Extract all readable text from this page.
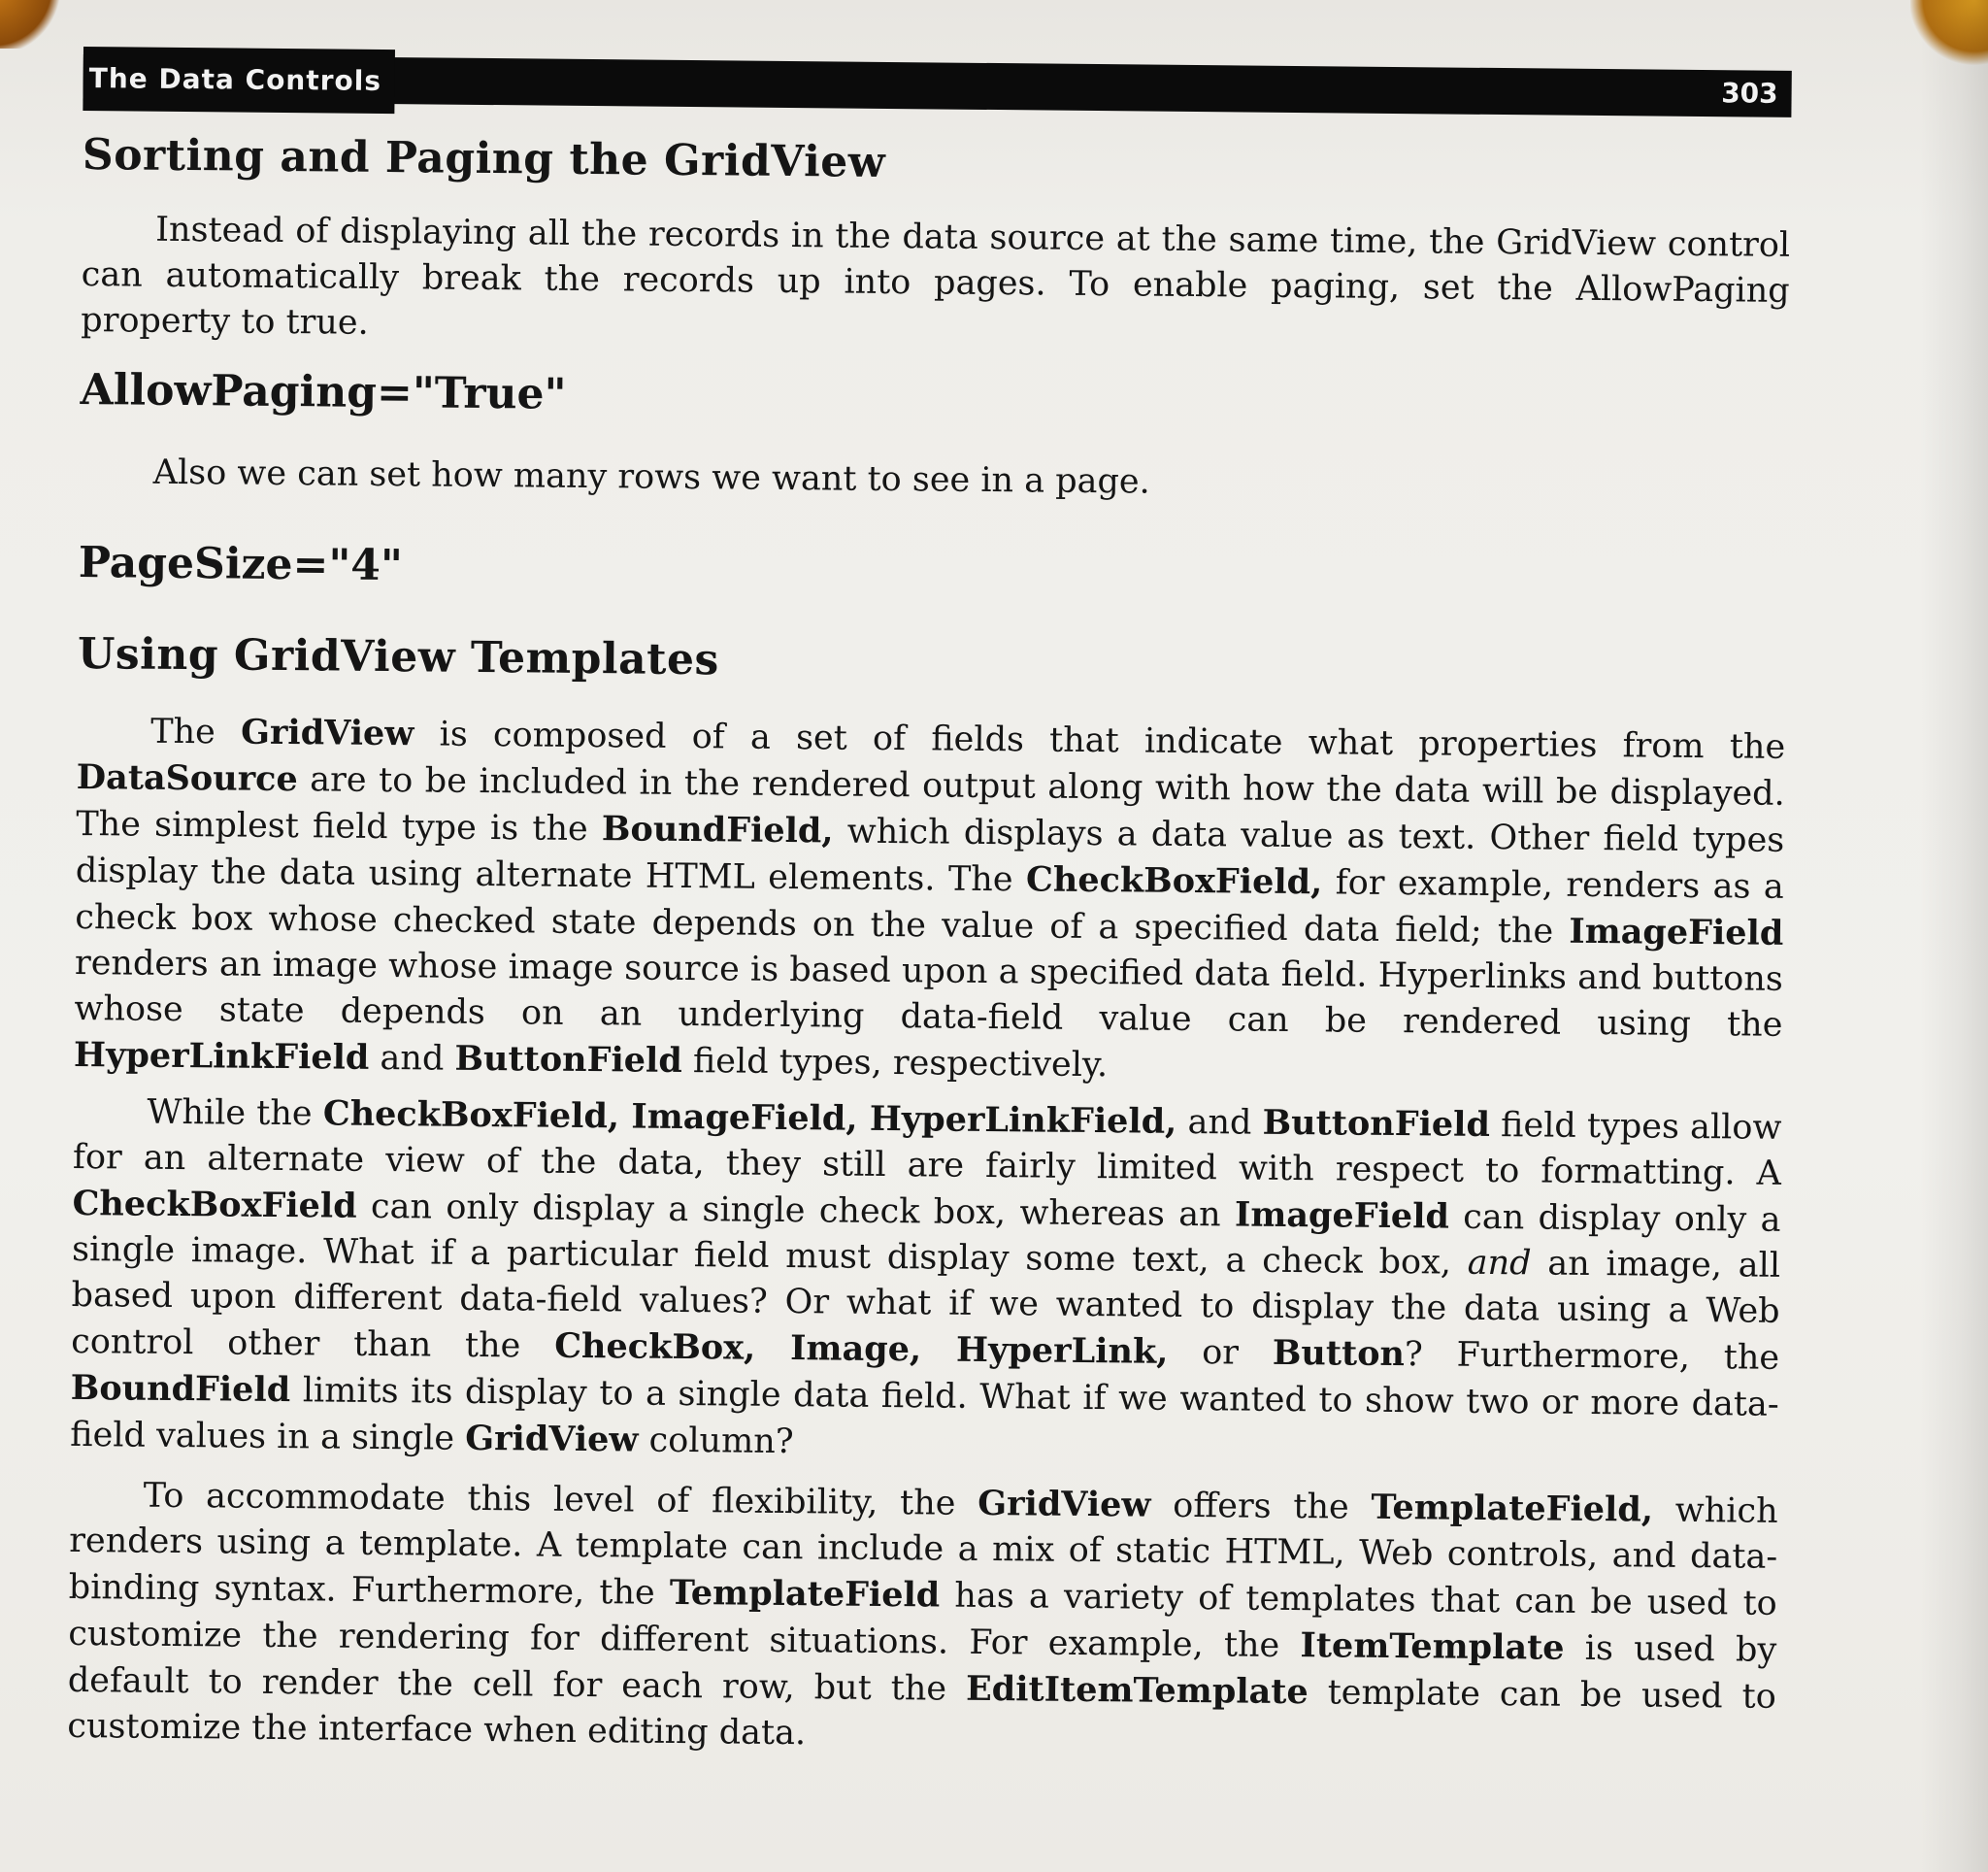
The Data Controls	303
Sorting and Paging the GridView

Instead of displaying all the records in the data source at the same time, the GridView control can automatically break the records up into pages. To enable paging, set the AllowPaging property to true.

AllowPaging="True"

Also we can set how many rows we want to see in a page.

PageSize="4"
Using GridView Templates

The GridView is composed of a set of fields that indicate what properties from the DataSource are to be included in the rendered output along with how the data will be displayed. The simplest field type is the BoundField, which displays a data value as text. Other field types display the data using alternate HTML elements. The CheckBoxField, for example, renders as a check box whose checked state depends on the value of a specified data field; the ImageField renders an image whose image source is based upon a specified data field. Hyperlinks and buttons whose state depends on an underlying data-field value can be rendered using the HyperLinkField and ButtonField field types, respectively.

While the CheckBoxField, ImageField, HyperLinkField, and ButtonField field types allow for an alternate view of the data, they still are fairly limited with respect to formatting. A CheckBoxField can only display a single check box, whereas an ImageField can display only a single image. What if a particular field must display some text, a check box, and an image, all based upon different data-field values? Or what if we wanted to display the data using a Web control other than the CheckBox, Image, HyperLink, or Button? Furthermore, the BoundField limits its display to a single data field. What if we wanted to show two or more data-field values in a single GridView column?

To accommodate this level of flexibility, the GridView offers the TemplateField, which renders using a template. A template can include a mix of static HTML, Web controls, and data-binding syntax. Furthermore, the TemplateField has a variety of templates that can be used to customize the rendering for different situations. For example, the ItemTemplate is used by default to render the cell for each row, but the EditItemTemplate template can be used to customize the interface when editing data.
